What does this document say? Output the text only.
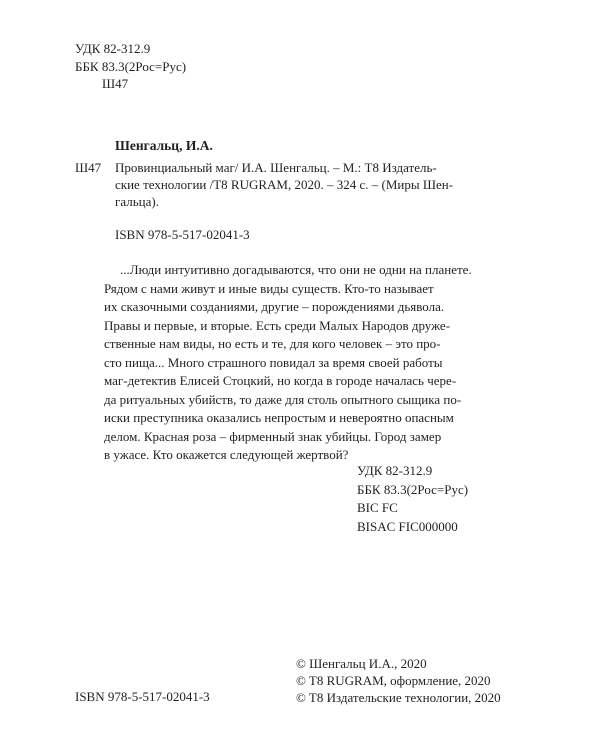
УДК 82-312.9
ББК 83.3(2Рос=Рус)
Ш47
Шенгальц, И.А.
Ш47 Провинциальный маг/ И.А. Шенгальц. – М.: T8 Издатель-
ские технологии /T8 RUGRAM, 2020. – 324 с. – (Миры Шен-
гальца).
ISBN 978-5-517-02041-3
...Люди интуитивно догадываются, что они не одни на планете.
Рядом с нами живут и иные виды существ. Кто-то называет
их сказочными созданиями, другие – порождениями дьявола.
Правы и первые, и вторые. Есть среди Малых Народов друже-
ственные нам виды, но есть и те, для кого человек – это про-
сто пища... Много страшного повидал за время своей работы
маг-детектив Елисей Стоцкий, но когда в городе началась чере-
да ритуальных убийств, то даже для столь опытного сыщика по-
иски преступника оказались непростым и невероятно опасным
делом. Красная роза – фирменный знак убийцы. Город замер
в ужасе. Кто окажется следующей жертвой?
УДК 82-312.9
ББК 83.3(2Рос=Рус)
BIC FC
BISAC FIC000000
© Шенгальц И.А., 2020
© T8 RUGRAM, оформление, 2020
© T8 Издательские технологии, 2020
ISBN 978-5-517-02041-3
